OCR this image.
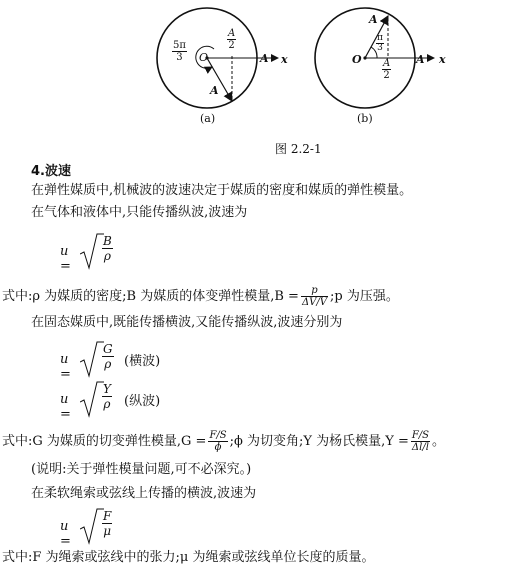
$\frac{5\pi}{3}$ O
$\frac{A}{2}$
A x
A
(a)
A
$\frac{\pi}{3}$
O $\frac{A}{2}$ A x
(b)
图 2.2-1
4.波速
在弹性媒质中,机械波的波速决定于媒质的密度和媒质的弹性模量。
在气体和液体中,只能传播纵波,波速为
u =
$\frac{B}{\rho}$
式中:ρ 为媒质的密度;B 为媒质的体变弹性模量$,B = \frac{p}{\Delta V/V}$ ;p 为压强。
在固态媒质中,既能传播横波,又能传播纵波,波速分别为
u =
$\frac{G}{\rho}$ (横波)
u =
$\frac{Y}{\rho}$ (纵波)
式中:G 为媒质的切变弹性模量$,G = \frac{F/S}{\phi}$ ;ϕ 为切变角;Y 为杨氏模量$,Y = \frac{F/S}{\Delta l/l}$ 。
(说明:关于弹性模量问题,可不必深究。)
在柔软绳索或弦线上传播的横波,波速为
u =
$\frac{F}{\mu}$
式中:F 为绳索或弦线中的张力;μ 为绳索或弦线单位长度的质量。
